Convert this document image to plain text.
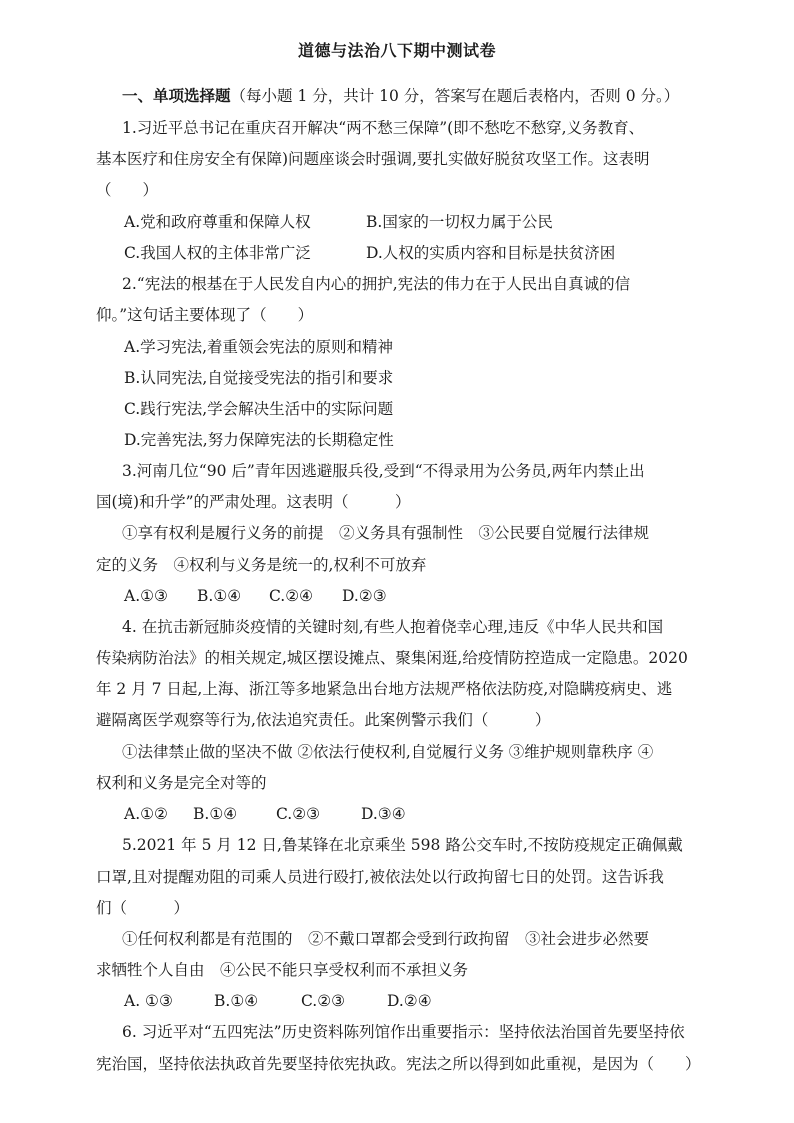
道德与法治八下期中测试卷
一、单项选择题（每小题 1 分，共计 10 分，答案写在题后表格内，否则 0 分。）
1.习近平总书记在重庆召开解决“两不愁三保障”(即不愁吃不愁穿,义务教育、
基本医疗和住房安全有保障)问题座谈会时强调,要扎实做好脱贫攻坚工作。这表明
（　　）
A.党和政府尊重和保障人权	B.国家的一切权力属于公民
C.我国人权的主体非常广泛	D.人权的实质内容和目标是扶贫济困
2.“宪法的根基在于人民发自内心的拥护,宪法的伟力在于人民出自真诚的信
仰。”这句话主要体现了（　　）
A.学习宪法,着重领会宪法的原则和精神
B.认同宪法,自觉接受宪法的指引和要求
C.践行宪法,学会解决生活中的实际问题
D.完善宪法,努力保障宪法的长期稳定性
3.河南几位“90 后”青年因逃避服兵役,受到“不得录用为公务员,两年内禁止出
国(境)和升学”的严肃处理。这表明（　　　）
①享有权利是履行义务的前提　②义务具有强制性　③公民要自觉履行法律规
定的义务　④权利与义务是统一的,权利不可放弃
A.①③ B.①④ C.②④ D.②③
4. 在抗击新冠肺炎疫情的关键时刻,有些人抱着侥幸心理,违反《中华人民共和国
传染病防治法》的相关规定,城区摆设摊点、聚集闲逛,给疫情防控造成一定隐患。2020
年 2 月 7 日起,上海、浙江等多地紧急出台地方法规严格依法防疫,对隐瞒疫病史、逃
避隔离医学观察等行为,依法追究责任。此案例警示我们（　　　）
①法律禁止做的坚决不做 ②依法行使权利,自觉履行义务 ③维护规则靠秩序 ④
权利和义务是完全对等的
A.①② B.①④	C.②③	D.③④
5.2021 年 5 月 12 日,鲁某锋在北京乘坐 598 路公交车时,不按防疫规定正确佩戴
口罩,且对提醒劝阻的司乘人员进行殴打,被依法处以行政拘留七日的处罚。这告诉我
们（　　　）
①任何权利都是有范围的　②不戴口罩都会受到行政拘留　③社会进步必然要
求牺牲个人自由　④公民不能只享受权利而不承担义务
A. ①③	B.①④	C.②③	D.②④
6. 习近平对“五四宪法”历史资料陈列馆作出重要指示：坚持依法治国首先要坚持依
宪治国，坚持依法执政首先要坚持依宪执政。宪法之所以得到如此重视，是因为（　　）
